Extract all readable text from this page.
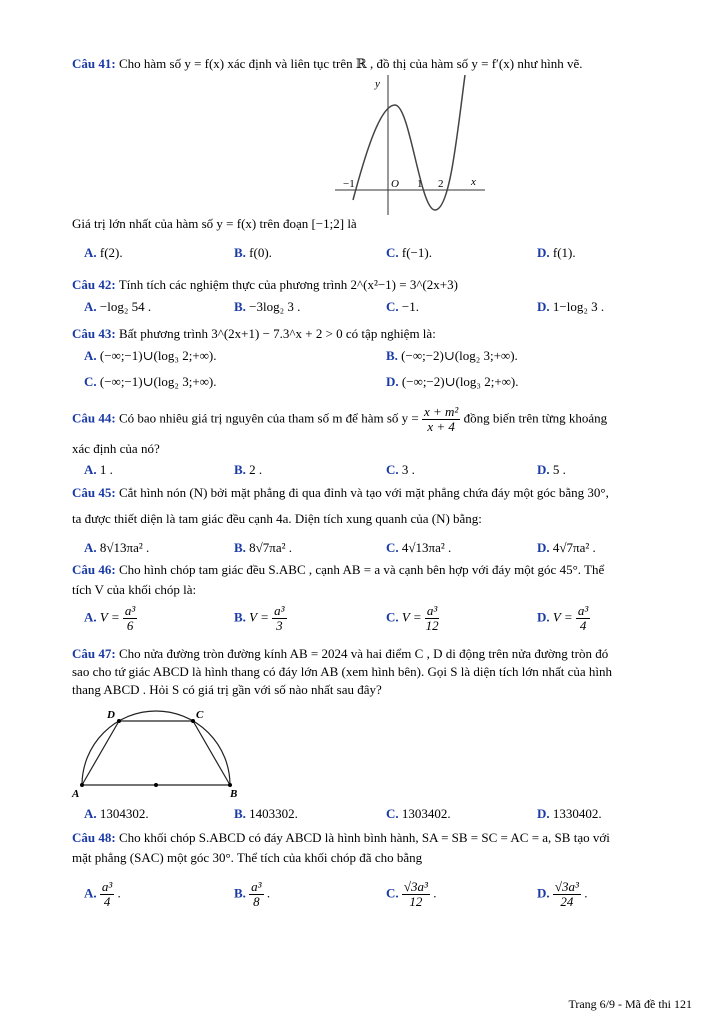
Câu 41: Cho hàm số y = f(x) xác định và liên tục trên ℝ , đồ thị của hàm số y = f′(x) như hình vẽ.
y
x
O
−1	1 2
Giá trị lớn nhất của hàm số y = f(x) trên đoạn [−1;2] là
A. f(2).	B. f(0).	C. f(−1).	D. f(1).
Câu 42: Tính tích các nghiệm thực của phương trình 2^(x²−1) = 3^(2x+3)
A. −log₂ 54 .	B. −3log₂ 3 .	C. −1.	D. 1−log₂ 3 .
Câu 43: Bất phương trình 3^(2x+1) − 7.3^x + 2 > 0 có tập nghiệm là:
A. (−∞;−1)∪(log₃ 2;+∞).	B. (−∞;−2)∪(log₂ 3;+∞).
C. (−∞;−1)∪(log₂ 3;+∞).	D. (−∞;−2)∪(log₃ 2;+∞).
Câu 44: Có bao nhiêu giá trị nguyên của tham số m để hàm số $y = \frac{\text{x + m²}}{x + 4}$ đồng biến trên từng khoảng
xác định của nó?
A. 1 .	B. 2 .	C. 3 .	D. 5 .
Câu 45: Cắt hình nón (N) bởi mặt phẳng đi qua đỉnh và tạo với mặt phẳng chứa đáy một góc bằng 30°,
ta được thiết diện là tam giác đều cạnh 4a. Diện tích xung quanh của (N) bằng:
A. 8√13πa² .	B. 8√7πa² .	C. 4√13πa² .	D. 4√7πa² .
Câu 46: Cho hình chóp tam giác đều S.ABC , cạnh AB = a và cạnh bên hợp với đáy một góc 45°. Thể
tích V của khối chóp là:
A. $V = \frac{\text{a³}}{6}$	B. $V = \frac{\text{a³}}{3}$	C. $V = \frac{\text{a³}}{12}$	D. $V = \frac{\text{a³}}{4}$
Câu 47: Cho nửa đường tròn đường kính AB = 2024 và hai điểm C , D di động trên nửa đường tròn đó
sao cho tứ giác ABCD là hình thang có đáy lớn AB (xem hình bên). Gọi S là diện tích lớn nhất của hình
thang ABCD . Hỏi S có giá trị gần với số nào nhất sau đây?
A	B
C
D
A. 1304302.	B. 1403302.	C. 1303402.	D. 1330402.
Câu 48: Cho khối chóp S.ABCD có đáy ABCD là hình bình hành, SA = SB = SC = AC = a, SB tạo với
mặt phẳng (SAC) một góc 30°. Thể tích của khối chóp đã cho bằng
A. $\frac{\text{a³}}{4}$ .	B. $\frac{\text{a³}}{8}$ .	C. $\frac{\text{√3a³}}{12}$ .	D. $\frac{\text{√3a³}}{24}$ .
Trang 6/9 - Mã đề thi 121
